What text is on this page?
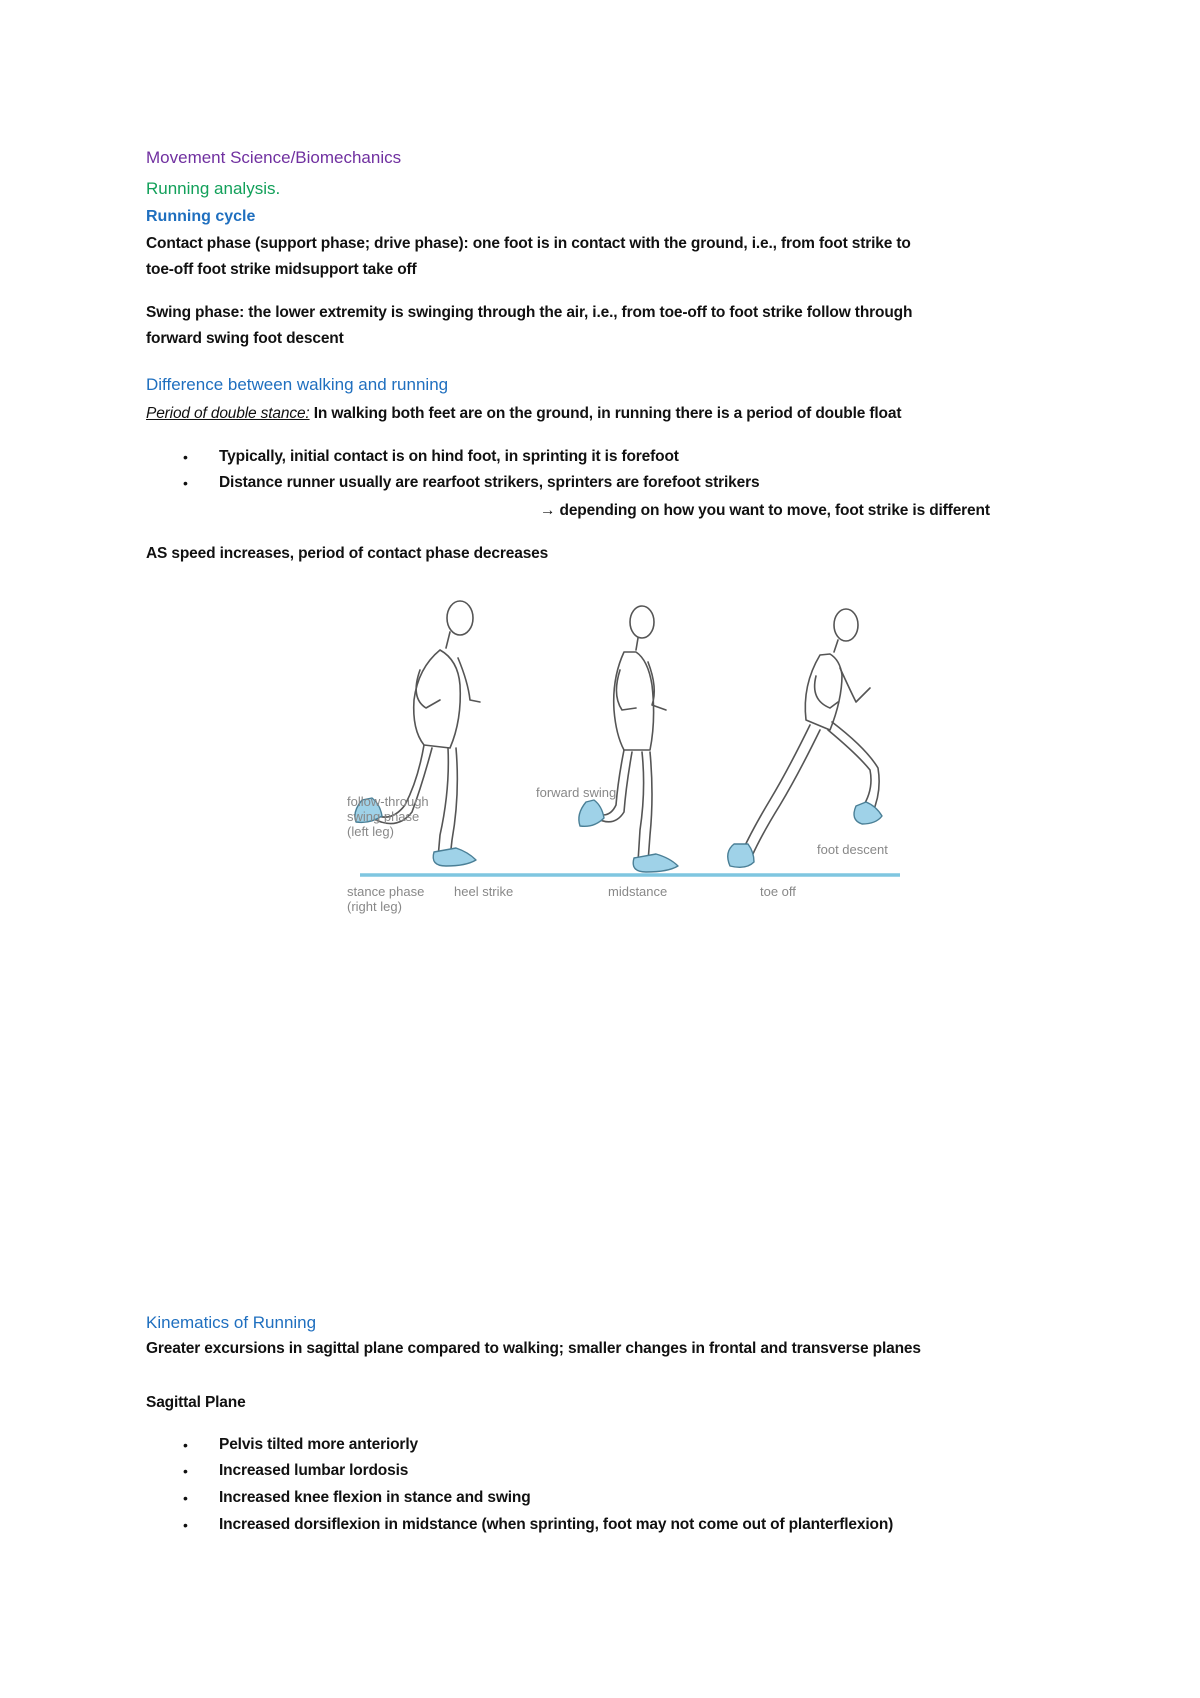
Movement Science/Biomechanics
Running analysis.
Running cycle
Contact phase (support phase; drive phase): one foot is in contact with the ground, i.e., from foot strike to
toe-off foot strike midsupport take off
Swing phase: the lower extremity is swinging through the air, i.e., from toe-off to foot strike follow through
forward swing foot descent
Difference between walking and running
Period of double stance: In walking both feet are on the ground, in running there is a period of double float
• Typically, initial contact is on hind foot, in sprinting it is forefoot
• Distance runner usually are rearfoot strikers, sprinters are forefoot strikers
→ depending on how you want to move, foot strike is different
AS speed increases, period of contact phase decreases
follow-through
swing phase
(left leg)
stance phase
(right leg)
heel strike
forward swing
midstance	toe off
foot descent
Kinematics of Running
Greater excursions in sagittal plane compared to walking; smaller changes in frontal and transverse planes
Sagittal Plane
• Pelvis tilted more anteriorly
• Increased lumbar lordosis
• Increased knee flexion in stance and swing
• Increased dorsiflexion in midstance (when sprinting, foot may not come out of planterflexion)
